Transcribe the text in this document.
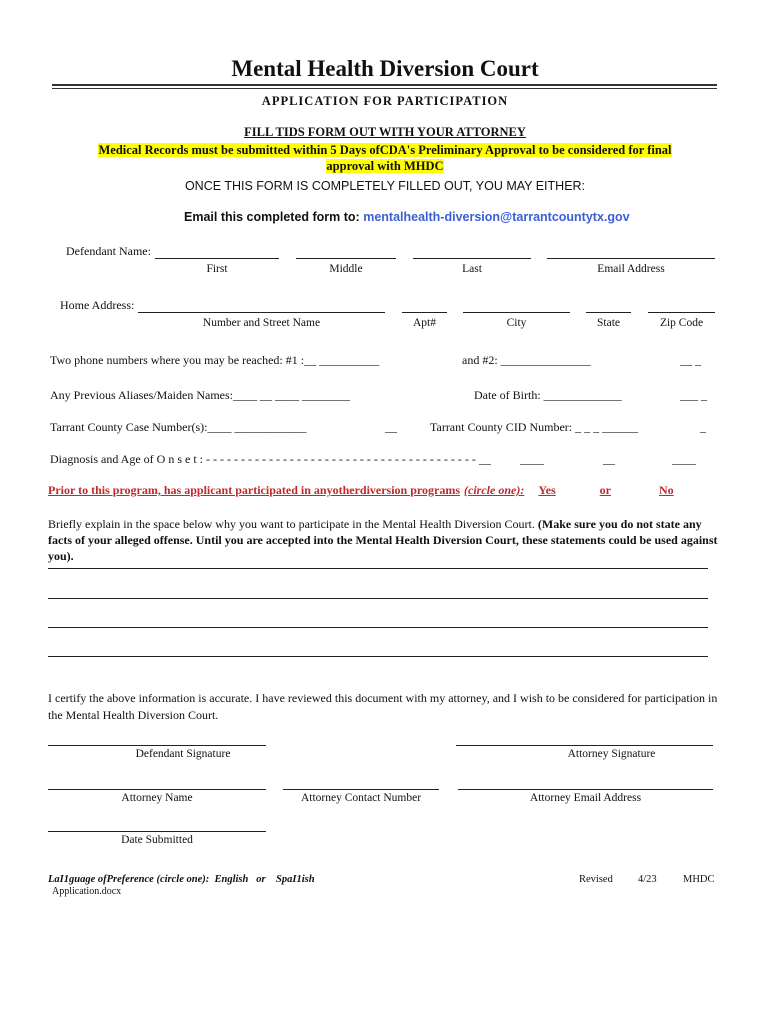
Mental Health Diversion Court
APPLICATION FOR PARTICIPATION
FILL TIDS FORM OUT WITH YOUR ATTORNEY
Medical Records must be submitted within 5 Days ofCDA's Preliminary Approval to be considered for final
approval with MHDC
ONCE THIS FORM IS COMPLETELY FILLED OUT, YOU MAY EITHER:
Email this completed form to: mentalhealth-diversion@tarrantcountytx.gov
Defendant Name:
First	Middle	Last	Email Address
Home Address:
Number and Street Name	Apt#	City	State	Zip Code
Two phone numbers where you may be reached: #1 :__ __________	and #2: _______________	__ _
Any Previous Aliases/Maiden Names:____ __ ____ ________	Date of Birth: _____________	___ _
Tarrant County Case Number(s):____ ____________	__	Tarrant County CID Number: _ _ _ ______	_
Diagnosis and Age of O n s e t : - - - - - - - - - - - - - - - - - - - - - - - - - - - - - - - - - - - - - - - __ ____	__	____
Prior to this program, has applicant participated in anyotherdiversion programs (circle one): Yes	or	No
Briefly explain in the space below why you want to participate in the Mental Health Diversion Court. (Make sure you do not state any facts of your alleged offense. Until you are accepted into the Mental Health Diversion Court, these statements could be used against you).
I certify the above information is accurate. I have reviewed this document with my attorney, and I wish to be considered for participation in
the Mental Health Diversion Court.
Defendant Signature	Attorney Signature
Attorney Name	Attorney Contact Number	Attorney Email Address
Date Submitted
LaI1guage ofPreference (circle one):  English   or    SpaI1ish
Application.docx
Revised 4/23	MHDC
